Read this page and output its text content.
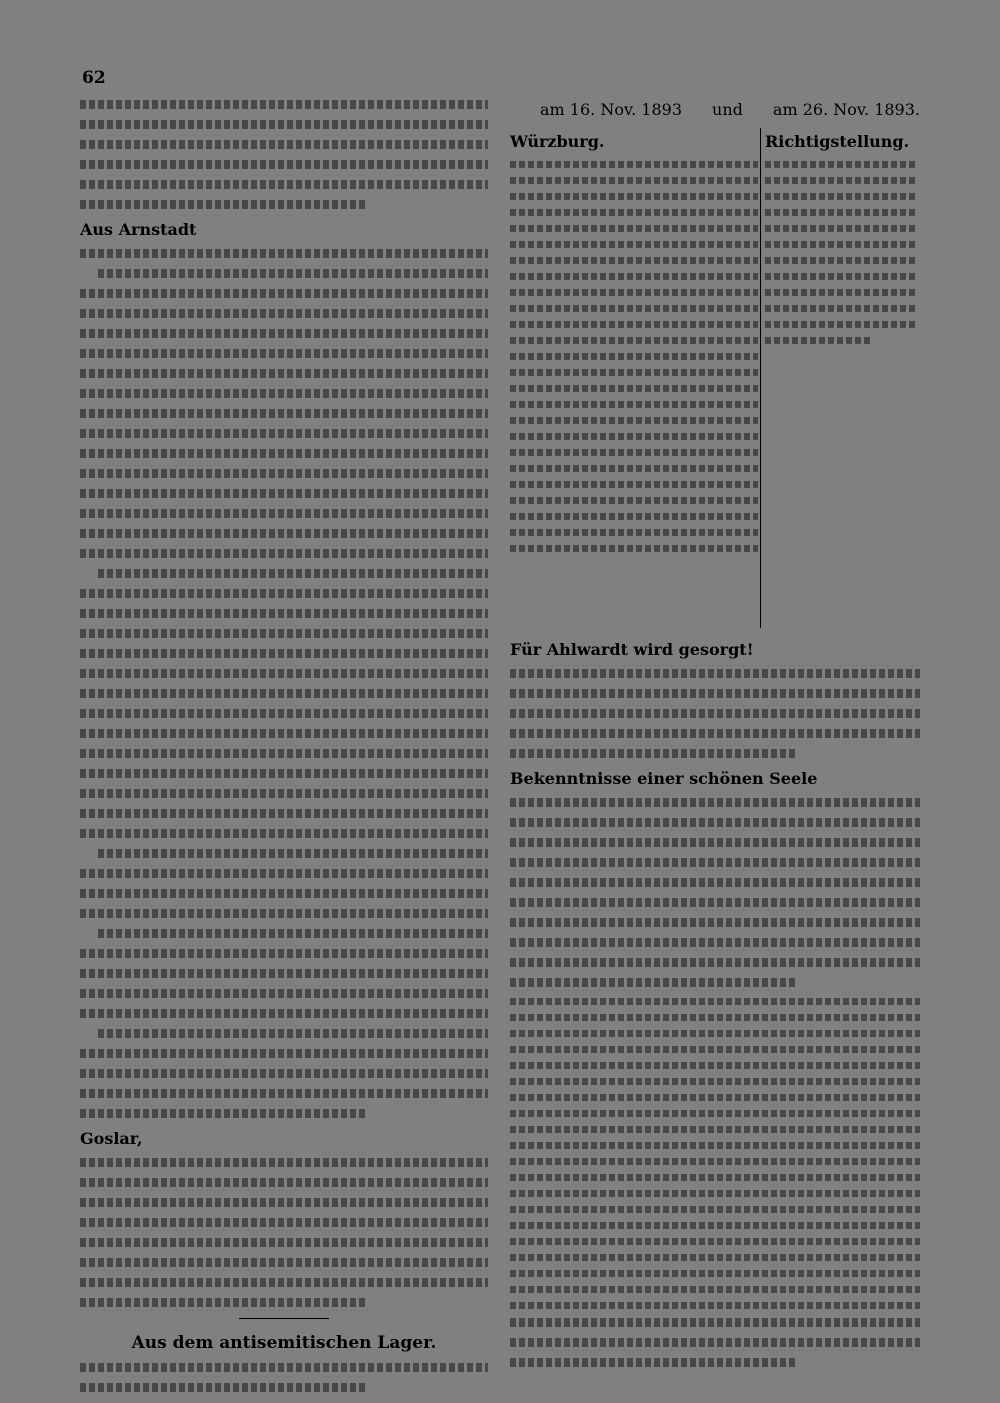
62
am 16. Nov. 1893 und am 26. Nov. 1893.
Aus Arnstadt
Goslar,
Aus dem antisemitischen Lager.
Würzburg.	Richtigstellung.
Für Ahlwardt wird gesorgt!
Bekenntnisse einer schönen Seele
